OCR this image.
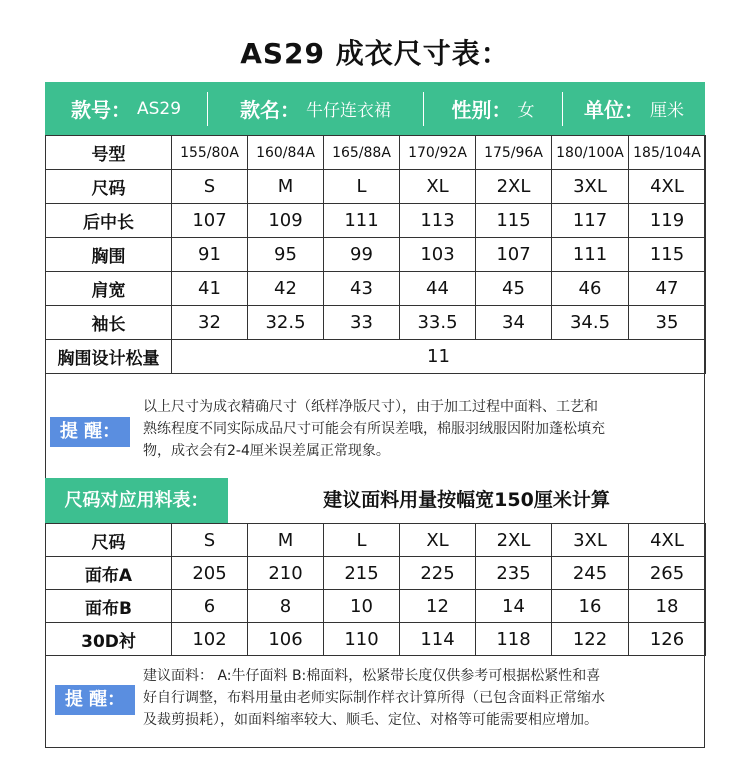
AS29 成衣尺寸表：
款号： AS29	款名： 牛仔连衣裙	性别： 女 单位： 厘米
号型	155/80A	160/84A	165/88A	170/92A	175/96A	180/100A	185/104A
尺码	S	M	L	XL	2XL	3XL	4XL
后中长	107	109	111	113	115	117	119
胸围	91	95	99	103	107	111	115
肩宽	41	42	43	44	45	46	47
袖长	32	32.5	33	33.5	34	34.5	35
胸围设计松量	11						
提 醒：
以上尺寸为成衣精确尺寸（纸样净版尺寸），由于加工过程中面料、工艺和
熟练程度不同实际成品尺寸可能会有所误差哦，棉服羽绒服因附加蓬松填充
物，成衣会有2-4厘米误差属正常现象。
尺码对应用料表：	建议面料用量按幅宽150厘米计算
尺码	S	M	L	XL	2XL	3XL	4XL
面布A	205	210	215	225	235	245	265
面布B	6	8	10	12	14	16	18
30D衬	102	106	110	114	118	122	126
提 醒：
建议面料： A:牛仔面料 B:棉面料，松紧带长度仅供参考可根据松紧性和喜
好自行调整，布料用量由老师实际制作样衣计算所得（已包含面料正常缩水
及裁剪损耗），如面料缩率较大、顺毛、定位、对格等可能需要相应增加。
